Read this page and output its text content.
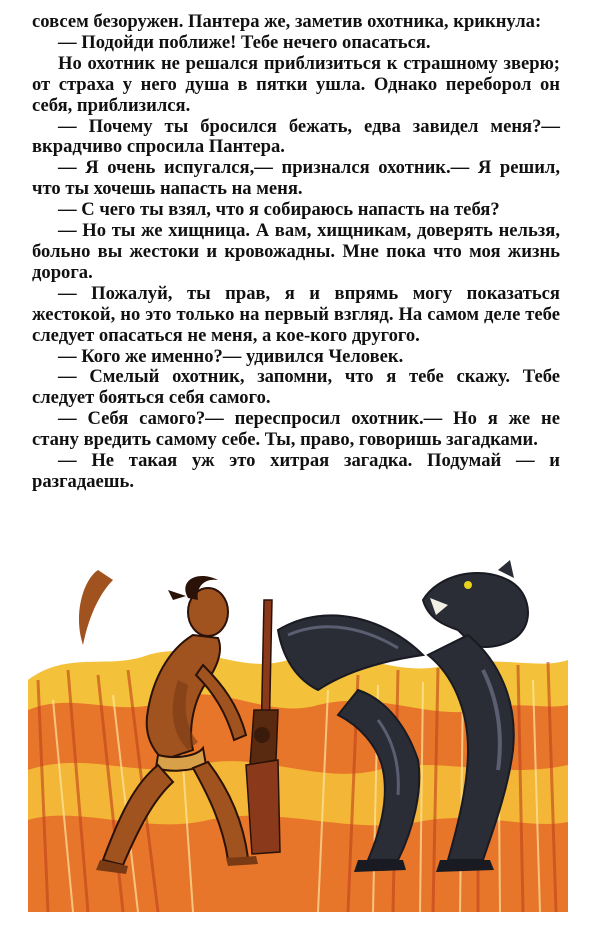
совсем безоружен. Пантера же, заметив охотника, крикнула:

— Подойди поближе! Тебе нечего опасаться.

Но охотник не решался приблизиться к страшному зверю; от страха у него душа в пятки ушла. Однако переборол он себя, приблизился.

— Почему ты бросился бежать, едва завидел меня?— вкрадчиво спросила Пантера.

— Я очень испугался,— признался охотник.— Я решил, что ты хочешь напасть на меня.

— С чего ты взял, что я собираюсь напасть на тебя?

— Но ты же хищница. А вам, хищникам, доверять нельзя, больно вы жестоки и кровожадны. Мне пока что моя жизнь дорога.

— Пожалуй, ты прав, я и впрямь могу показаться жестокой, но это только на первый взгляд. На самом деле тебе следует опасаться не меня, а кое-кого другого.

— Кого же именно?— удивился Человек.

— Смелый охотник, запомни, что я тебе скажу. Тебе следует бояться себя самого.

— Себя самого?— переспросил охотник.— Но я же не стану вредить самому себе. Ты, право, говоришь загадками.

— Не такая уж это хитрая загадка. Подумай — и разгадаешь.
